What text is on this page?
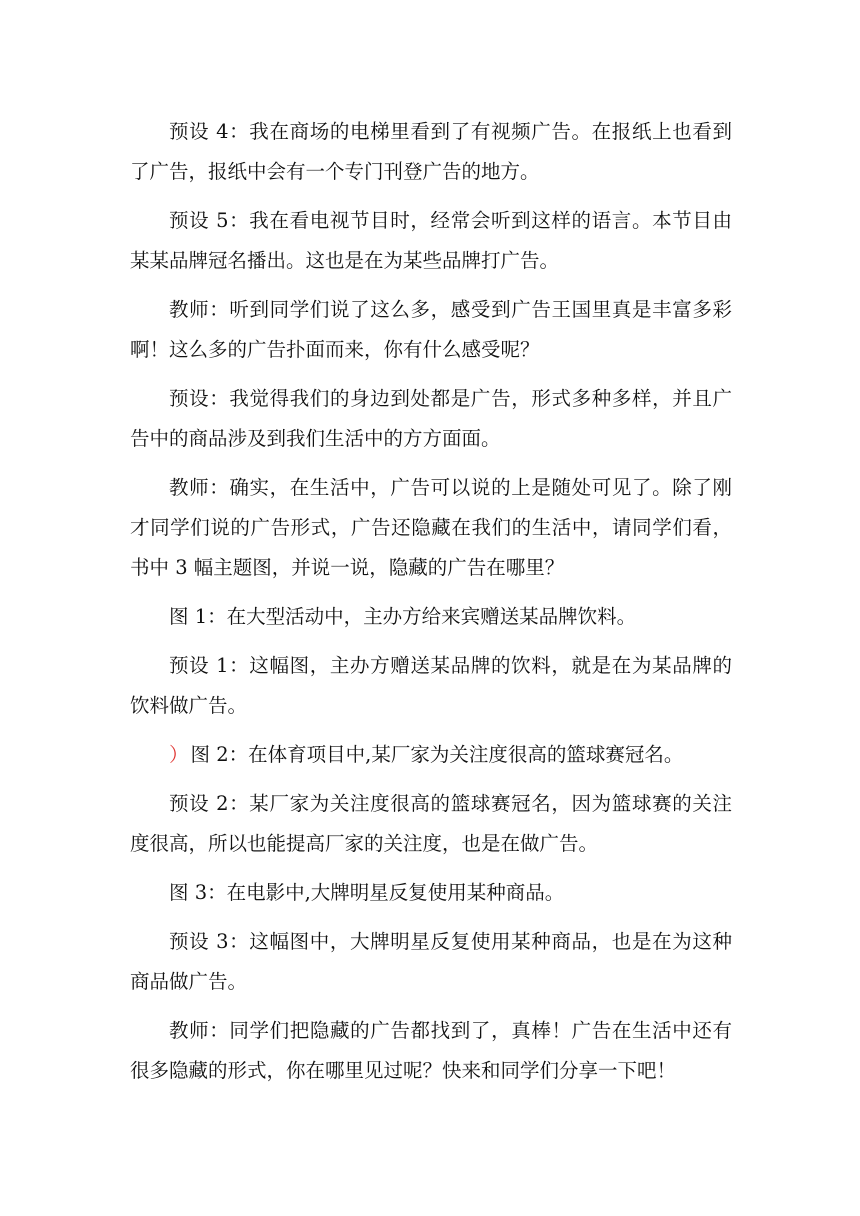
预设 4：我在商场的电梯里看到了有视频广告。在报纸上也看到了广告，报纸中会有一个专门刊登广告的地方。

预设 5：我在看电视节目时，经常会听到这样的语言。本节目由某某品牌冠名播出。这也是在为某些品牌打广告。

教师：听到同学们说了这么多，感受到广告王国里真是丰富多彩啊！这么多的广告扑面而来，你有什么感受呢？

预设：我觉得我们的身边到处都是广告，形式多种多样，并且广告中的商品涉及到我们生活中的方方面面。

教师：确实，在生活中，广告可以说的上是随处可见了。除了刚才同学们说的广告形式，广告还隐藏在我们的生活中，请同学们看，书中 3 幅主题图，并说一说，隐藏的广告在哪里？

图 1：在大型活动中，主办方给来宾赠送某品牌饮料。

预设 1：这幅图，主办方赠送某品牌的饮料，就是在为某品牌的饮料做广告。

） 图 2：在体育项目中,某厂家为关注度很高的篮球赛冠名。

预设 2：某厂家为关注度很高的篮球赛冠名，因为篮球赛的关注度很高，所以也能提高厂家的关注度，也是在做广告。

图 3：在电影中,大牌明星反复使用某种商品。

预设 3：这幅图中，大牌明星反复使用某种商品，也是在为这种商品做广告。

教师：同学们把隐藏的广告都找到了，真棒！广告在生活中还有很多隐藏的形式，你在哪里见过呢？快来和同学们分享一下吧！
